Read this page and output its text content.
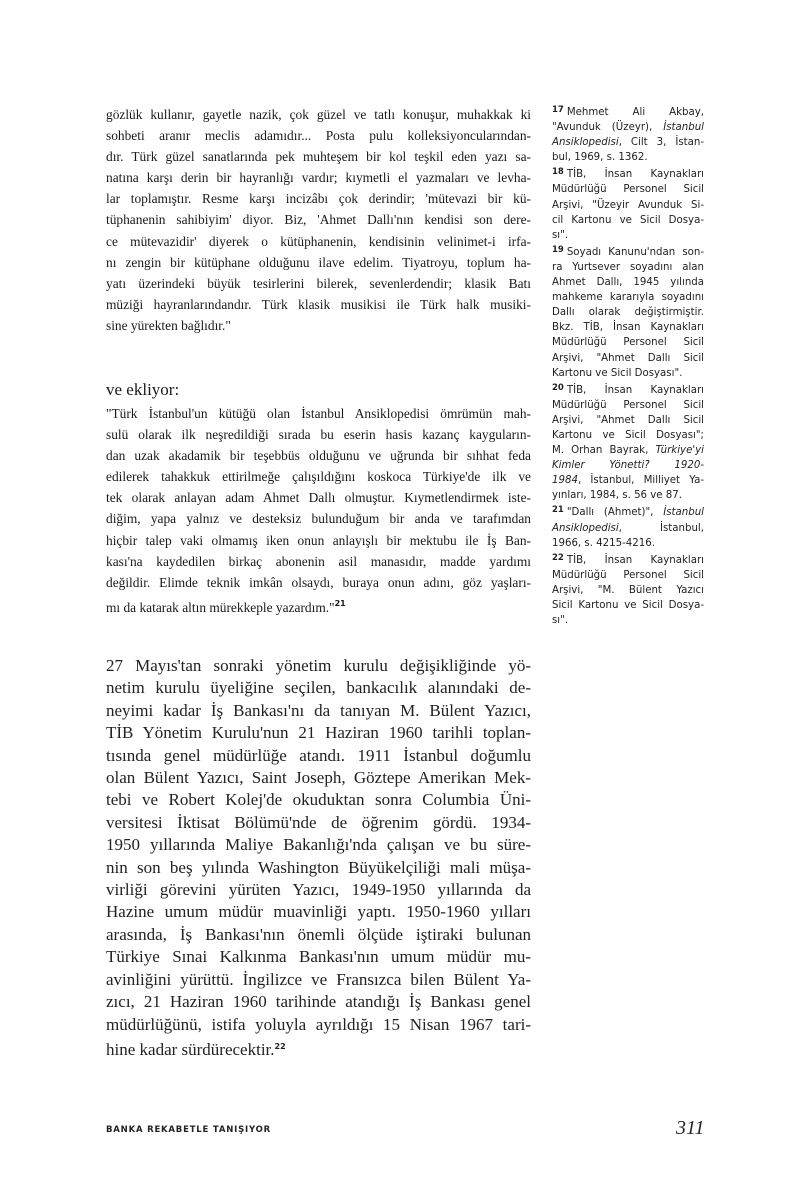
gözlük kullanır, gayetle nazik, çok güzel ve tatlı konuşur, muhakkak ki
sohbeti aranır meclis adamıdır... Posta pulu kolleksiyoncularından-
dır. Türk güzel sanatlarında pek muhteşem bir kol teşkil eden yazı sa-
natına karşı derin bir hayranlığı vardır; kıymetli el yazmaları ve levha-
lar toplamıştır. Resme karşı incizâbı çok derindir; 'mütevazi bir kü-
tüphanenin sahibiyim' diyor. Biz, 'Ahmet Dallı'nın kendisi son dere-
ce mütevazidir' diyerek o kütüphanenin, kendisinin velinimet-i irfa-
nı zengin bir kütüphane olduğunu ilave edelim. Tiyatroyu, toplum ha-
yatı üzerindeki büyük tesirlerini bilerek, sevenlerdendir; klasik Batı
müziği hayranlarındandır. Türk klasik musikisi ile Türk halk musiki-
sine yürekten bağlıdır."
ve ekliyor:
"Türk İstanbul'un kütüğü olan İstanbul Ansiklopedisi ömrümün mah-
sulü olarak ilk neşredildiği sırada bu eserin hasis kazanç kayguların-
dan uzak akadamik bir teşebbüs olduğunu ve uğrunda bir sıhhat feda
edilerek tahakkuk ettirilmeğe çalışıldığını koskoca Türkiye'de ilk ve
tek olarak anlayan adam Ahmet Dallı olmuştur. Kıymetlendirmek iste-
diğim, yapa yalnız ve desteksiz bulunduğum bir anda ve tarafımdan
hiçbir talep vaki olmamış iken onun anlayışlı bir mektubu ile İş Ban-
kası'na kaydedilen birkaç abonenin asil manasıdır, madde yardımı
değildir. Elimde teknik imkân olsaydı, buraya onun adını, göz yaşları-
mı da katarak altın mürekkeple yazardım."$^{21}$
27 Mayıs'tan sonraki yönetim kurulu değişikliğinde yö-
netim kurulu üyeliğine seçilen, bankacılık alanındaki de-
neyimi kadar İş Bankası'nı da tanıyan M. Bülent Yazıcı,
TİB Yönetim Kurulu'nun 21 Haziran 1960 tarihli toplan-
tısında genel müdürlüğe atandı. 1911 İstanbul doğumlu
olan Bülent Yazıcı, Saint Joseph, Göztepe Amerikan Mek-
tebi ve Robert Kolej'de okuduktan sonra Columbia Üni-
versitesi İktisat Bölümü'nde de öğrenim gördü. 1934-
1950 yıllarında Maliye Bakanlığı'nda çalışan ve bu süre-
nin son beş yılında Washington Büyükelçiliği mali müşa-
virliği görevini yürüten Yazıcı, 1949-1950 yıllarında da
Hazine umum müdür muavinliği yaptı. 1950-1960 yılları
arasında, İş Bankası'nın önemli ölçüde iştiraki bulunan
Türkiye Sınai Kalkınma Bankası'nın umum müdür mu-
avinliğini yürüttü. İngilizce ve Fransızca bilen Bülent Ya-
zıcı, 21 Haziran 1960 tarihinde atandığı İş Bankası genel
müdürlüğünü, istifa yoluyla ayrıldığı 15 Nisan 1967 tari-
hine kadar sürdürecektir.$^{22}$
$^{17}$ Mehmet Ali Akbay,
"Avunduk (Üzeyr), İstanbul
Ansiklopedisi, Cilt 3, İstan-
bul, 1969, s. 1362.
$^{18}$ TİB, İnsan Kaynakları
Müdürlüğü Personel Sicil
Arşivi, "Üzeyir Avunduk Si-
cil Kartonu ve Sicil Dosya-
sı".
$^{19}$ Soyadı Kanunu'ndan son-
ra Yurtsever soyadını alan
Ahmet Dallı, 1945 yılında
mahkeme kararıyla soyadını
Dallı olarak değiştirmiştir.
Bkz. TİB, İnsan Kaynakları
Müdürlüğü Personel Sicil
Arşivi, "Ahmet Dallı Sicil
Kartonu ve Sicil Dosyası".
$^{20}$ TİB, İnsan Kaynakları
Müdürlüğü Personel Sicil
Arşivi, "Ahmet Dallı Sicil
Kartonu ve Sicil Dosyası";
M. Orhan Bayrak, Türkiye'yi
Kimler Yönetti? 1920-
1984, İstanbul, Milliyet Ya-
yınları, 1984, s. 56 ve 87.
$^{21}$ "Dallı (Ahmet)", İstanbul
Ansiklopedisi, İstanbul,
1966, s. 4215-4216.
$^{22}$ TİB, İnsan Kaynakları
Müdürlüğü Personel Sicil
Arşivi, "M. Bülent Yazıcı
Sicil Kartonu ve Sicil Dosya-
sı".
BANKA REKABETLE TANIŞIYOR	311
